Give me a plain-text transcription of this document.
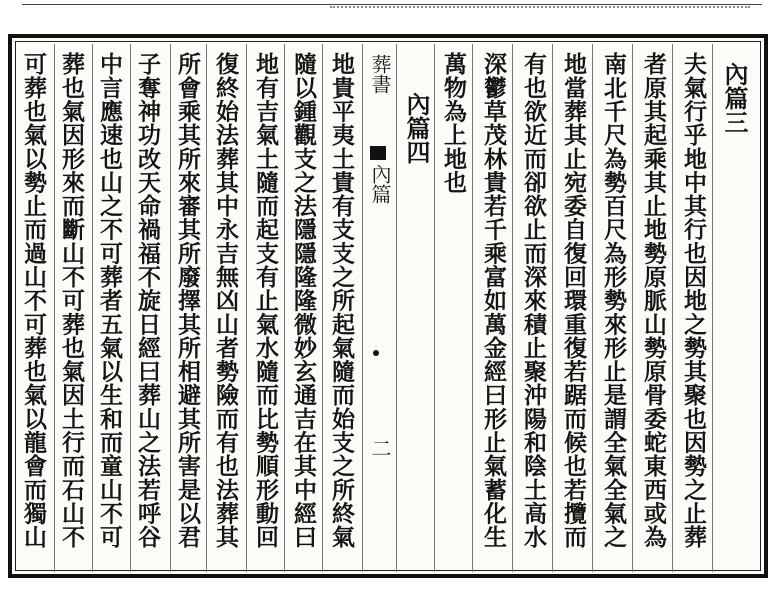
內篇三
內篇四
葬書
內篇
二	夫氣行乎地中其行也因地之勢其聚也因勢之止葬
者原其起乘其止地勢原脈山勢原骨委蛇東西或為
南北千尺為勢百尺為形勢來形止是謂全氣全氣之
地當葬其止宛委自復回環重復若踞而候也若攬而
有也欲近而卻欲止而深來積止聚沖陽和陰土高水
深鬱草茂林貴若千乘富如萬金經曰形止氣蓄化生
萬物為上地也
地貴平夷土貴有支支之所起氣隨而始支之所終氣
隨以鍾觀支之法隱隱隆隆微妙玄通吉在其中經曰
地有吉氣土隨而起支有止氣水隨而比勢順形動回
復終始法葬其中永吉無凶山者勢險而有也法葬其
所會乘其所來審其所廢擇其所相避其所害是以君
子奪神功改天命禍福不旋日經曰葬山之法若呼谷
中言應速也山之不可葬者五氣以生和而童山不可
葬也氣因形來而斷山不可葬也氣因土行而石山不
可葬也氣以勢止而過山不可葬也氣以龍會而獨山
